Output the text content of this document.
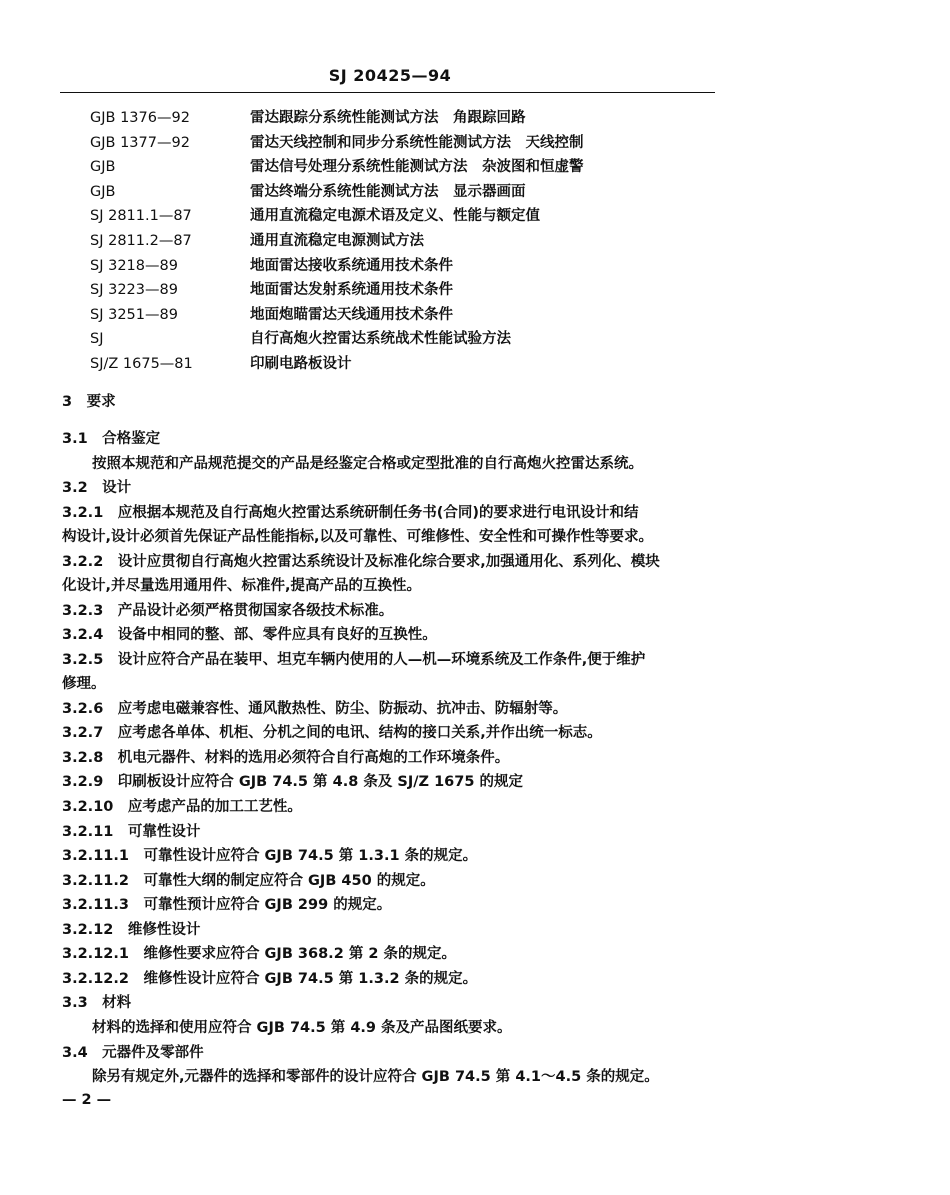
SJ 20425—94
GJB 1376—92	雷达跟踪分系统性能测试方法　角跟踪回路
GJB 1377—92	雷达天线控制和同步分系统性能测试方法　天线控制
GJB	雷达信号处理分系统性能测试方法　杂波图和恒虚警
GJB	雷达终端分系统性能测试方法　显示器画面
SJ 2811.1—87	通用直流稳定电源术语及定义、性能与额定值
SJ 2811.2—87	通用直流稳定电源测试方法
SJ 3218—89	地面雷达接收系统通用技术条件
SJ 3223—89	地面雷达发射系统通用技术条件
SJ 3251—89	地面炮瞄雷达天线通用技术条件
SJ	自行高炮火控雷达系统战术性能试验方法
SJ/Z 1675—81	印刷电路板设计
3　要求
3.1　合格鉴定
按照本规范和产品规范提交的产品是经鉴定合格或定型批准的自行高炮火控雷达系统。
3.2　设计
3.2.1　应根据本规范及自行高炮火控雷达系统研制任务书(合同)的要求进行电讯设计和结
构设计,设计必须首先保证产品性能指标,以及可靠性、可维修性、安全性和可操作性等要求。
3.2.2　设计应贯彻自行高炮火控雷达系统设计及标准化综合要求,加强通用化、系列化、模块
化设计,并尽量选用通用件、标准件,提高产品的互换性。
3.2.3　产品设计必须严格贯彻国家各级技术标准。
3.2.4　设备中相同的整、部、零件应具有良好的互换性。
3.2.5　设计应符合产品在装甲、坦克车辆内使用的人—机—环境系统及工作条件,便于维护
修理。
3.2.6　应考虑电磁兼容性、通风散热性、防尘、防振动、抗冲击、防辐射等。
3.2.7　应考虑各单体、机柜、分机之间的电讯、结构的接口关系,并作出统一标志。
3.2.8　机电元器件、材料的选用必须符合自行高炮的工作环境条件。
3.2.9　印刷板设计应符合 GJB 74.5 第 4.8 条及 SJ/Z 1675 的规定
3.2.10　应考虑产品的加工工艺性。
3.2.11　可靠性设计
3.2.11.1　可靠性设计应符合 GJB 74.5 第 1.3.1 条的规定。
3.2.11.2　可靠性大纲的制定应符合 GJB 450 的规定。
3.2.11.3　可靠性预计应符合 GJB 299 的规定。
3.2.12　维修性设计
3.2.12.1　维修性要求应符合 GJB 368.2 第 2 条的规定。
3.2.12.2　维修性设计应符合 GJB 74.5 第 1.3.2 条的规定。
3.3　材料
材料的选择和使用应符合 GJB 74.5 第 4.9 条及产品图纸要求。
3.4　元器件及零部件
除另有规定外,元器件的选择和零部件的设计应符合 GJB 74.5 第 4.1～4.5 条的规定。
— 2 —
